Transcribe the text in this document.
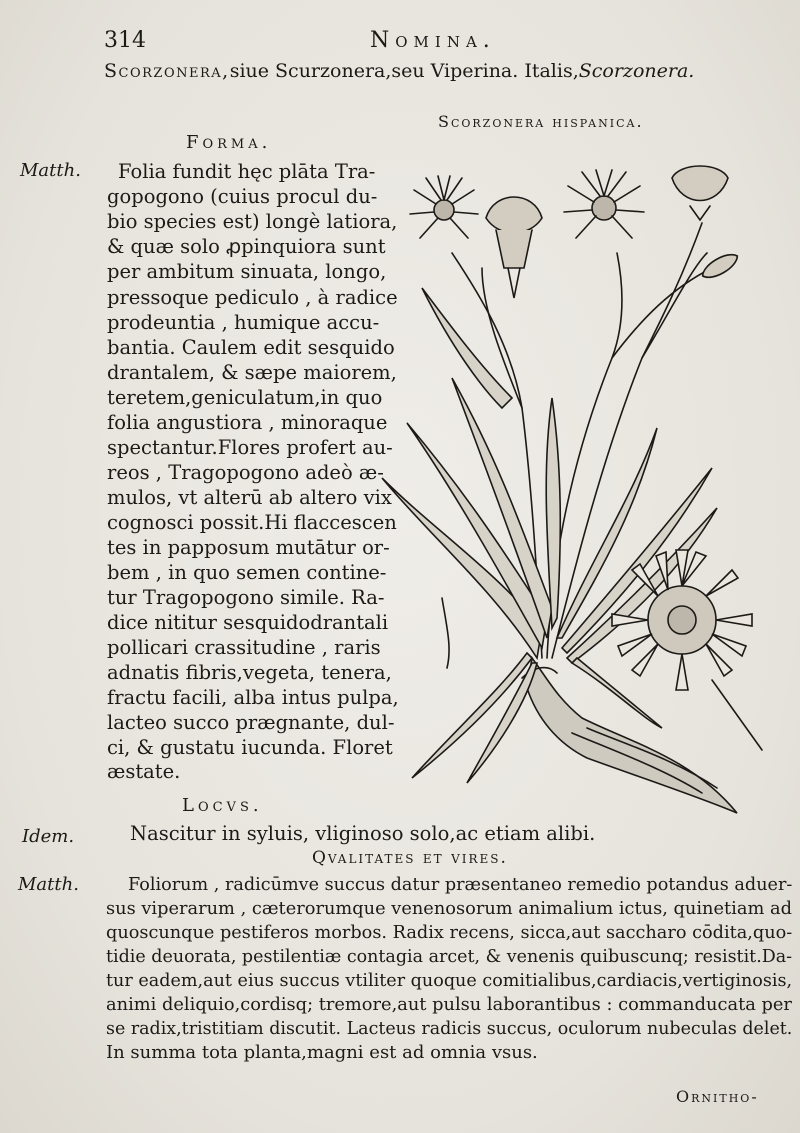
314	Nomina.
Scorzonera,siue Scurzonera,seu Viperina. Italis,Scorzonera.
Scorzonera hispanica.
Forma.
Matth. Folia fundit hęc plāta Tra-
gopogono (cuius procul du-
bio species est) longè latiora,
& quæ solo ꝓpinquiora sunt
per ambitum sinuata, longo,
pressoque pediculo , à radice
prodeuntia , humique accu-
bantia. Caulem edit sesquido
drantalem, & sæpe maiorem,
teretem,geniculatum,in quo
folia angustiora , minoraque
spectantur.Flores profert au-
reos , Tragopogono adeò æ-
mulos, vt alterū ab altero vix
cognosci possit.Hi flaccescen
tes in papposum mutātur or-
bem , in quo semen contine-
tur Tragopogono simile. Ra-
dice nititur sesquidodrantali
pollicari crassitudine , raris
adnatis fibris,vegeta, tenera,
fractu facili, alba intus pulpa,
lacteo succo prægnante, dul-
ci, & gustatu iucunda. Floret
æstate.
Locvs.
Idem.	Nascitur in syluis, vliginoso solo,ac etiam alibi.
Qvalitates et vires.
Matth.	Foliorum , radicūmve succus datur præsentaneo remedio potandus aduer-
sus viperarum , cæterorumque venenosorum animalium ictus, quinetiam ad
quoscunque pestiferos morbos. Radix recens, sicca,aut saccharo cōdita,quo-
tidie deuorata, pestilentiæ contagia arcet, & venenis quibuscunq; resistit.Da-
tur eadem,aut eius succus vtiliter quoque comitialibus,cardiacis,vertiginosis,
animi deliquio,cordisq; tremore,aut pulsu laborantibus : commanducata per
se radix,tristitiam discutit. Lacteus radicis succus, oculorum nubeculas delet.
In summa tota planta,magni est ad omnia vsus.
Ornitho-
